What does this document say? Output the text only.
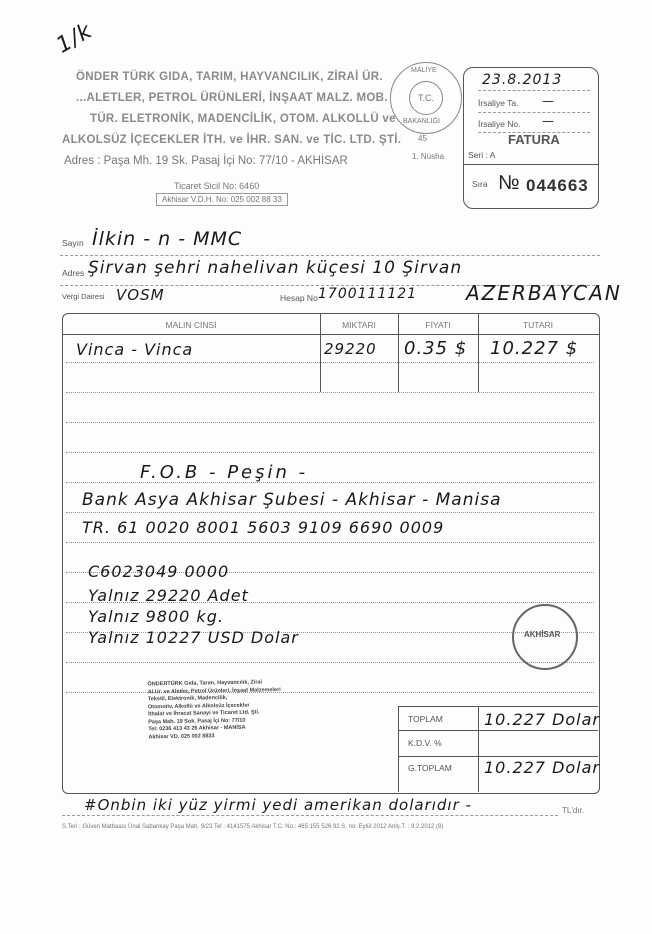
1/k
ÖNDER TÜRK GIDA, TARIM, HAYVANCILIK, ZİRAİ ÜR.
...ALETLER, PETROL ÜRÜNLERİ, İNŞAAT MALZ. MOB.
TÜR. ELETRONİK, MADENCİLİK, OTOM. ALKOLLÜ ve
ALKOLSÜZ İÇECEKLER İTH. ve İHR. SAN. ve TİC. LTD. ŞTİ.
Adres : Paşa Mh. 19 Sk. Pasaj İçi No: 77/10 - AKHİSAR
Ticaret Sicil No: 6460
Akhisar V.D.H. No: 025 002 88 33
MALİYE
T.C.
BAKANLIĞI
45
1. Nüsha
23.8.2013
İrsaliye Ta. —
İrsaliye No. —
FATURA
Seri : A
Sıra № 044663
Sayın İlkin - n - MMC
Adres Şirvan şehri nahelivan küçesi 10 Şirvan
Vergi Dairesi VOSM	Hesap No 1700111121 AZERBAYCAN
MALIN CİNSİ	MİKTARI	FİYATI	TUTARI
Vinca - Vinca	29220 0.35 $ 10.227 $
F.O.B - Peşin -
Bank Asya Akhisar Şubesi - Akhisar - Manisa
TR. 61 0020 8001 5603 9109 6690 0009
C6023049 0000
Yalnız 29220 Adet
Yalnız 9800 kg.
Yalnız 10227 USD Dolar	AKHİSAR
ÖNDERTÜRK Gıda, Tarım, Hayvancılık, Zirai
Al.Ur. ve Aletler, Petrol Ürünleri, İnşaat Malzemeleri
Tekstil, Elektronik, Madencilik,
Otomotiv, Alkollü ve Alkolsüz İçecekler
İthalat ve İhracat Sanayi ve Ticaret Ltd. Şti.
Paşa Mah. 19 Sok. Pasaj İçi No: 77/10
Tel: 0236 413 43 26 Akhisar - MANİSA
Akhisar VD. 025 002 8833
TOPLAM	10.227 Dolar
K.D.V. %
G.TOPLAM 10.227 Dolar
#Onbin iki yüz yirmi yedi amerikan dolarıdır -	TL'dır.
S.Teri : Güven Matbaası Ünal Sabankay Paşa Mah. 9/23 Tel : 4141575 Akhisar T.C. No : 465 155 526 92 S. no: Eylül 2012 Anlş.T. : 9.2.2012 (8)
